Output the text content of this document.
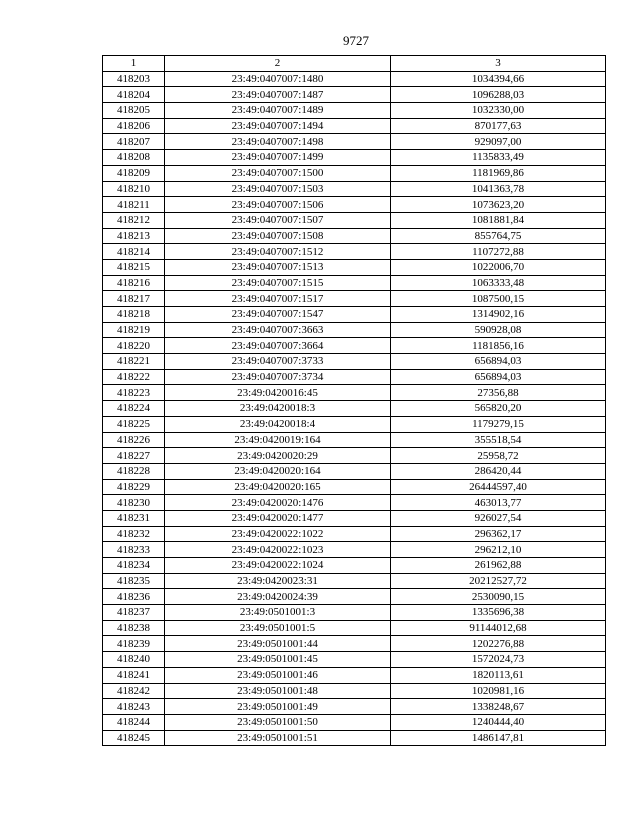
9727
1	2	3
418203	23:49:0407007:1480	1034394,66
418204	23:49:0407007:1487	1096288,03
418205	23:49:0407007:1489	1032330,00
418206	23:49:0407007:1494	870177,63
418207	23:49:0407007:1498	929097,00
418208	23:49:0407007:1499	1135833,49
418209	23:49:0407007:1500	1181969,86
418210	23:49:0407007:1503	1041363,78
418211	23:49:0407007:1506	1073623,20
418212	23:49:0407007:1507	1081881,84
418213	23:49:0407007:1508	855764,75
418214	23:49:0407007:1512	1107272,88
418215	23:49:0407007:1513	1022006,70
418216	23:49:0407007:1515	1063333,48
418217	23:49:0407007:1517	1087500,15
418218	23:49:0407007:1547	1314902,16
418219	23:49:0407007:3663	590928,08
418220	23:49:0407007:3664	1181856,16
418221	23:49:0407007:3733	656894,03
418222	23:49:0407007:3734	656894,03
418223	23:49:0420016:45	27356,88
418224	23:49:0420018:3	565820,20
418225	23:49:0420018:4	1179279,15
418226	23:49:0420019:164	355518,54
418227	23:49:0420020:29	25958,72
418228	23:49:0420020:164	286420,44
418229	23:49:0420020:165	26444597,40
418230	23:49:0420020:1476	463013,77
418231	23:49:0420020:1477	926027,54
418232	23:49:0420022:1022	296362,17
418233	23:49:0420022:1023	296212,10
418234	23:49:0420022:1024	261962,88
418235	23:49:0420023:31	20212527,72
418236	23:49:0420024:39	2530090,15
418237	23:49:0501001:3	1335696,38
418238	23:49:0501001:5	91144012,68
418239	23:49:0501001:44	1202276,88
418240	23:49:0501001:45	1572024,73
418241	23:49:0501001:46	1820113,61
418242	23:49:0501001:48	1020981,16
418243	23:49:0501001:49	1338248,67
418244	23:49:0501001:50	1240444,40
418245	23:49:0501001:51	1486147,81
